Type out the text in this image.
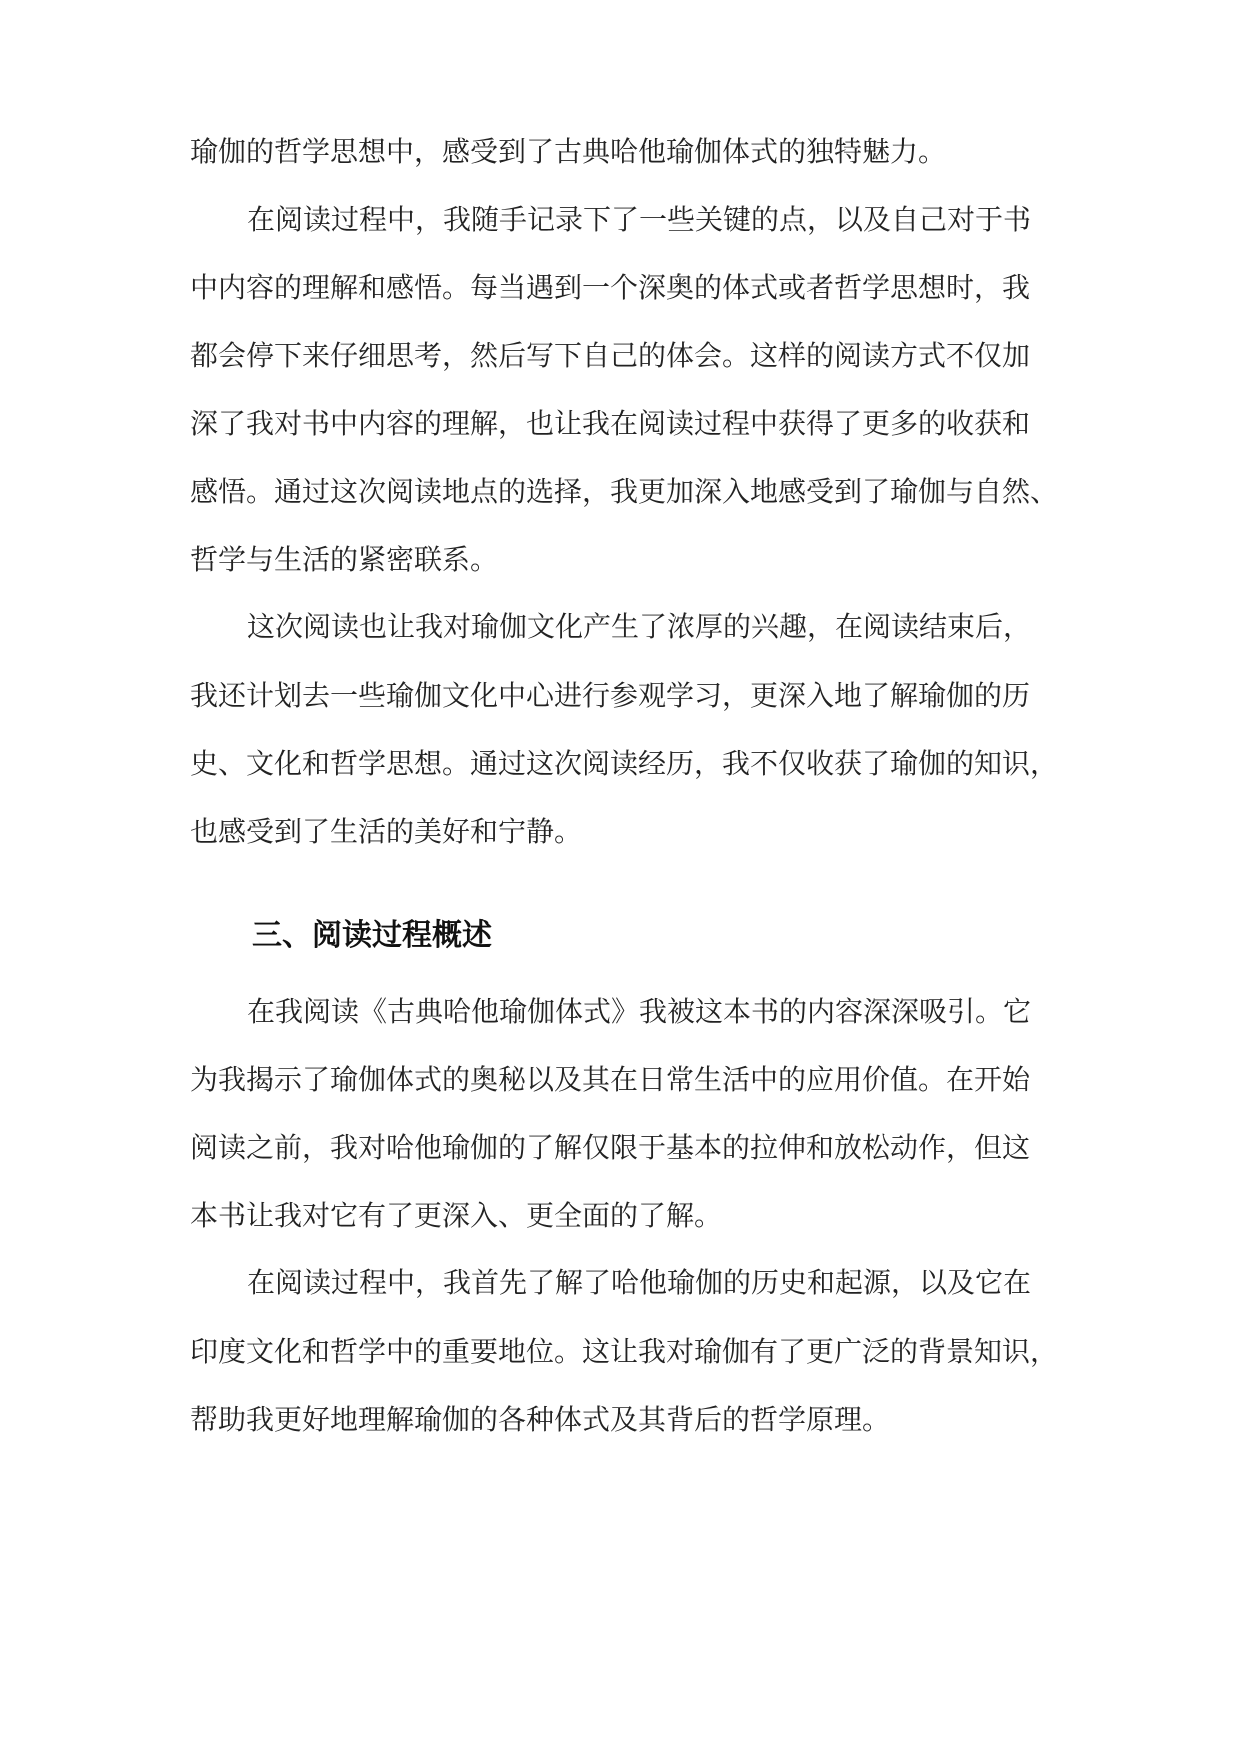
瑜伽的哲学思想中，感受到了古典哈他瑜伽体式的独特魅力。
在阅读过程中，我随手记录下了一些关键的点，以及自己对于书
中内容的理解和感悟。每当遇到一个深奥的体式或者哲学思想时，我
都会停下来仔细思考，然后写下自己的体会。这样的阅读方式不仅加
深了我对书中内容的理解，也让我在阅读过程中获得了更多的收获和
感悟。通过这次阅读地点的选择，我更加深入地感受到了瑜伽与自然、
哲学与生活的紧密联系。
这次阅读也让我对瑜伽文化产生了浓厚的兴趣，在阅读结束后，
我还计划去一些瑜伽文化中心进行参观学习，更深入地了解瑜伽的历
史、文化和哲学思想。通过这次阅读经历，我不仅收获了瑜伽的知识，
也感受到了生活的美好和宁静。
三、阅读过程概述
在我阅读《古典哈他瑜伽体式》我被这本书的内容深深吸引。它
为我揭示了瑜伽体式的奥秘以及其在日常生活中的应用价值。在开始
阅读之前，我对哈他瑜伽的了解仅限于基本的拉伸和放松动作，但这
本书让我对它有了更深入、更全面的了解。
在阅读过程中，我首先了解了哈他瑜伽的历史和起源，以及它在
印度文化和哲学中的重要地位。这让我对瑜伽有了更广泛的背景知识，
帮助我更好地理解瑜伽的各种体式及其背后的哲学原理。
